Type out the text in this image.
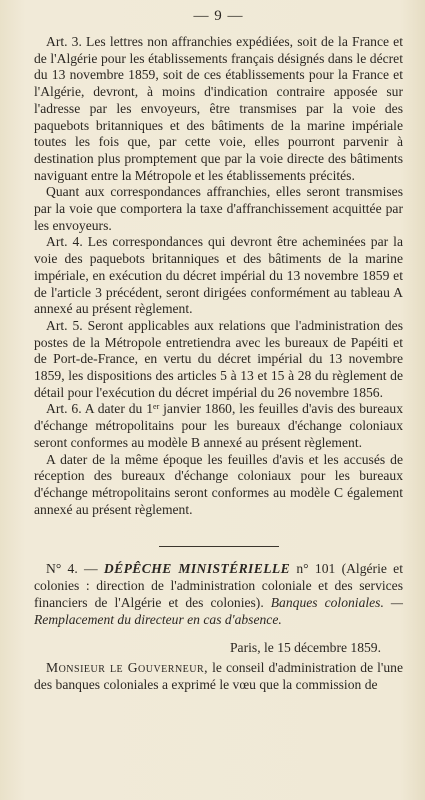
— 9 —

Art. 3. Les lettres non affranchies expédiées, soit de la France et de l'Algérie pour les établissements français désignés dans le décret du 13 novembre 1859, soit de ces établissements pour la France et l'Algérie, devront, à moins d'indication contraire apposée sur l'adresse par les envoyeurs, être transmises par la voie des paquebots britanniques et des bâtiments de la marine impériale toutes les fois que, par cette voie, elles pourront parvenir à destination plus promptement que par la voie directe des bâtiments naviguant entre la Métropole et les établissements précités.

Quant aux correspondances affranchies, elles seront transmises par la voie que comportera la taxe d'affranchissement acquittée par les envoyeurs.

Art. 4. Les correspondances qui devront être acheminées par la voie des paquebots britanniques et des bâtiments de la marine impériale, en exécution du décret impérial du 13 novembre 1859 et de l'article 3 précédent, seront dirigées conformément au tableau A annexé au présent règlement.

Art. 5. Seront applicables aux relations que l'administration des postes de la Métropole entretiendra avec les bureaux de Papéiti et de Port-de-France, en vertu du décret impérial du 13 novembre 1859, les dispositions des articles 5 à 13 et 15 à 28 du règlement de détail pour l'exécution du décret impérial du 26 novembre 1856.

Art. 6. A dater du 1er janvier 1860, les feuilles d'avis des bureaux d'échange métropolitains pour les bureaux d'échange coloniaux seront conformes au modèle B annexé au présent règlement.

A dater de la même époque les feuilles d'avis et les accusés de réception des bureaux d'échange coloniaux pour les bureaux d'échange métropolitains seront conformes au modèle C également annexé au présent règlement.

N° 4. — DÉPÊCHE MINISTÉRIELLE n° 101 (Algérie et colonies : direction de l'administration coloniale et des services financiers de l'Algérie et des colonies). Banques coloniales. — Remplacement du directeur en cas d'absence.

Paris, le 15 décembre 1859.

Monsieur le Gouverneur, le conseil d'administration de l'une des banques coloniales a exprimé le vœu que la commission de
